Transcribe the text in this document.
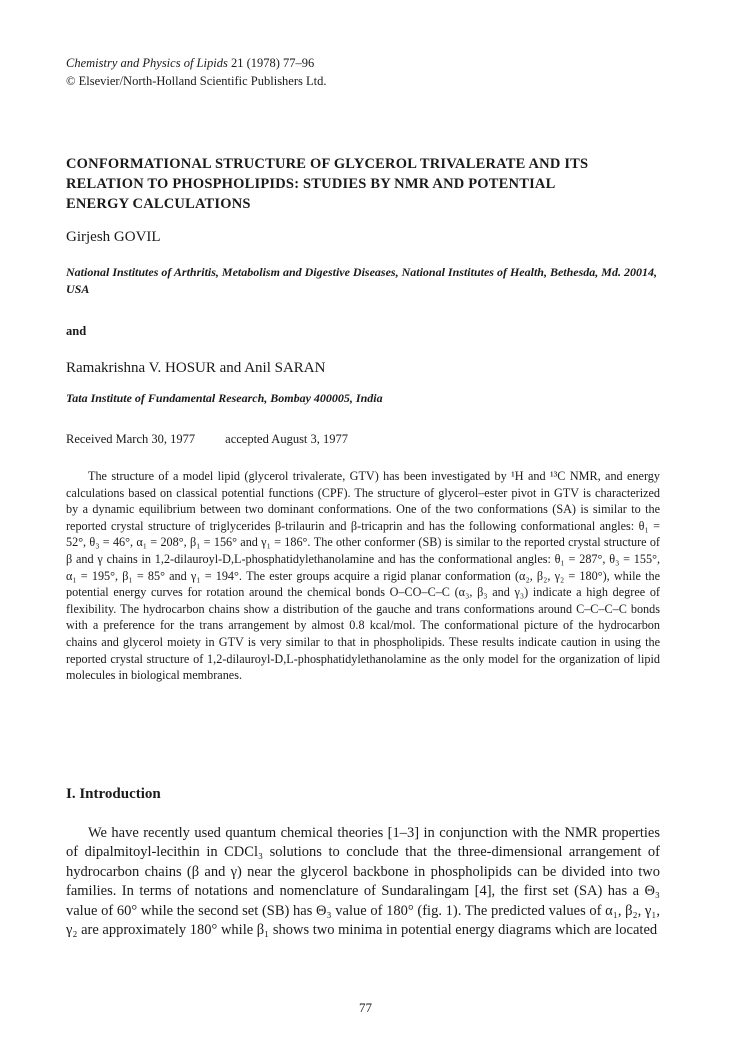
Chemistry and Physics of Lipids 21 (1978) 77–96
© Elsevier/North-Holland Scientific Publishers Ltd.
CONFORMATIONAL STRUCTURE OF GLYCEROL TRIVALERATE AND ITS RELATION TO PHOSPHOLIPIDS: STUDIES BY NMR AND POTENTIAL ENERGY CALCULATIONS
Girjesh GOVIL
National Institutes of Arthritis, Metabolism and Digestive Diseases, National Institutes of Health, Bethesda, Md. 20014, USA
and
Ramakrishna V. HOSUR and Anil SARAN
Tata Institute of Fundamental Research, Bombay 400005, India
Received March 30, 1977 accepted August 3, 1977

The structure of a model lipid (glycerol trivalerate, GTV) has been investigated by ¹H and ¹³C NMR, and energy calculations based on classical potential functions (CPF). The structure of glycerol–ester pivot in GTV is characterized by a dynamic equilibrium between two dominant conformations. One of the two conformations (SA) is similar to the reported crystal structure of triglycerides β-trilaurin and β-tricaprin and has the following conformational angles: θ₁ = 52°, θ₃ = 46°, α₁ = 208°, β₁ = 156° and γ₁ = 186°. The other conformer (SB) is similar to the reported crystal structure of β and γ chains in 1,2-dilauroyl-D,L-phosphatidylethanolamine and has the conformational angles: θ₁ = 287°, θ₃ = 155°, α₁ = 195°, β₁ = 85° and γ₁ = 194°. The ester groups acquire a rigid planar conformation (α₂, β₂, γ₂ = 180°), while the potential energy curves for rotation around the chemical bonds O–CO–C–C (α₃, β₃ and γ₃) indicate a high degree of flexibility. The hydrocarbon chains show a distribution of the gauche and trans conformations around C–C–C–C bonds with a preference for the trans arrangement by almost 0.8 kcal/mol. The conformational picture of the hydrocarbon chains and glycerol moiety in GTV is very similar to that in phospholipids. These results indicate caution in using the reported crystal structure of 1,2-dilauroyl-D,L-phosphatidylethanolamine as the only model for the organization of lipid molecules in biological membranes.

I. Introduction

We have recently used quantum chemical theories [1–3] in conjunction with the NMR properties of dipalmitoyl-lecithin in CDCl₃ solutions to conclude that the three-dimensional arrangement of hydrocarbon chains (β and γ) near the glycerol backbone in phospholipids can be divided into two families. In terms of notations and nomenclature of Sundaralingam [4], the first set (SA) has a Θ₃ value of 60° while the second set (SB) has Θ₃ value of 180° (fig. 1). The predicted values of α₁, β₂, γ₁, γ₂ are approximately 180° while β₁ shows two minima in potential energy diagrams which are located

77
